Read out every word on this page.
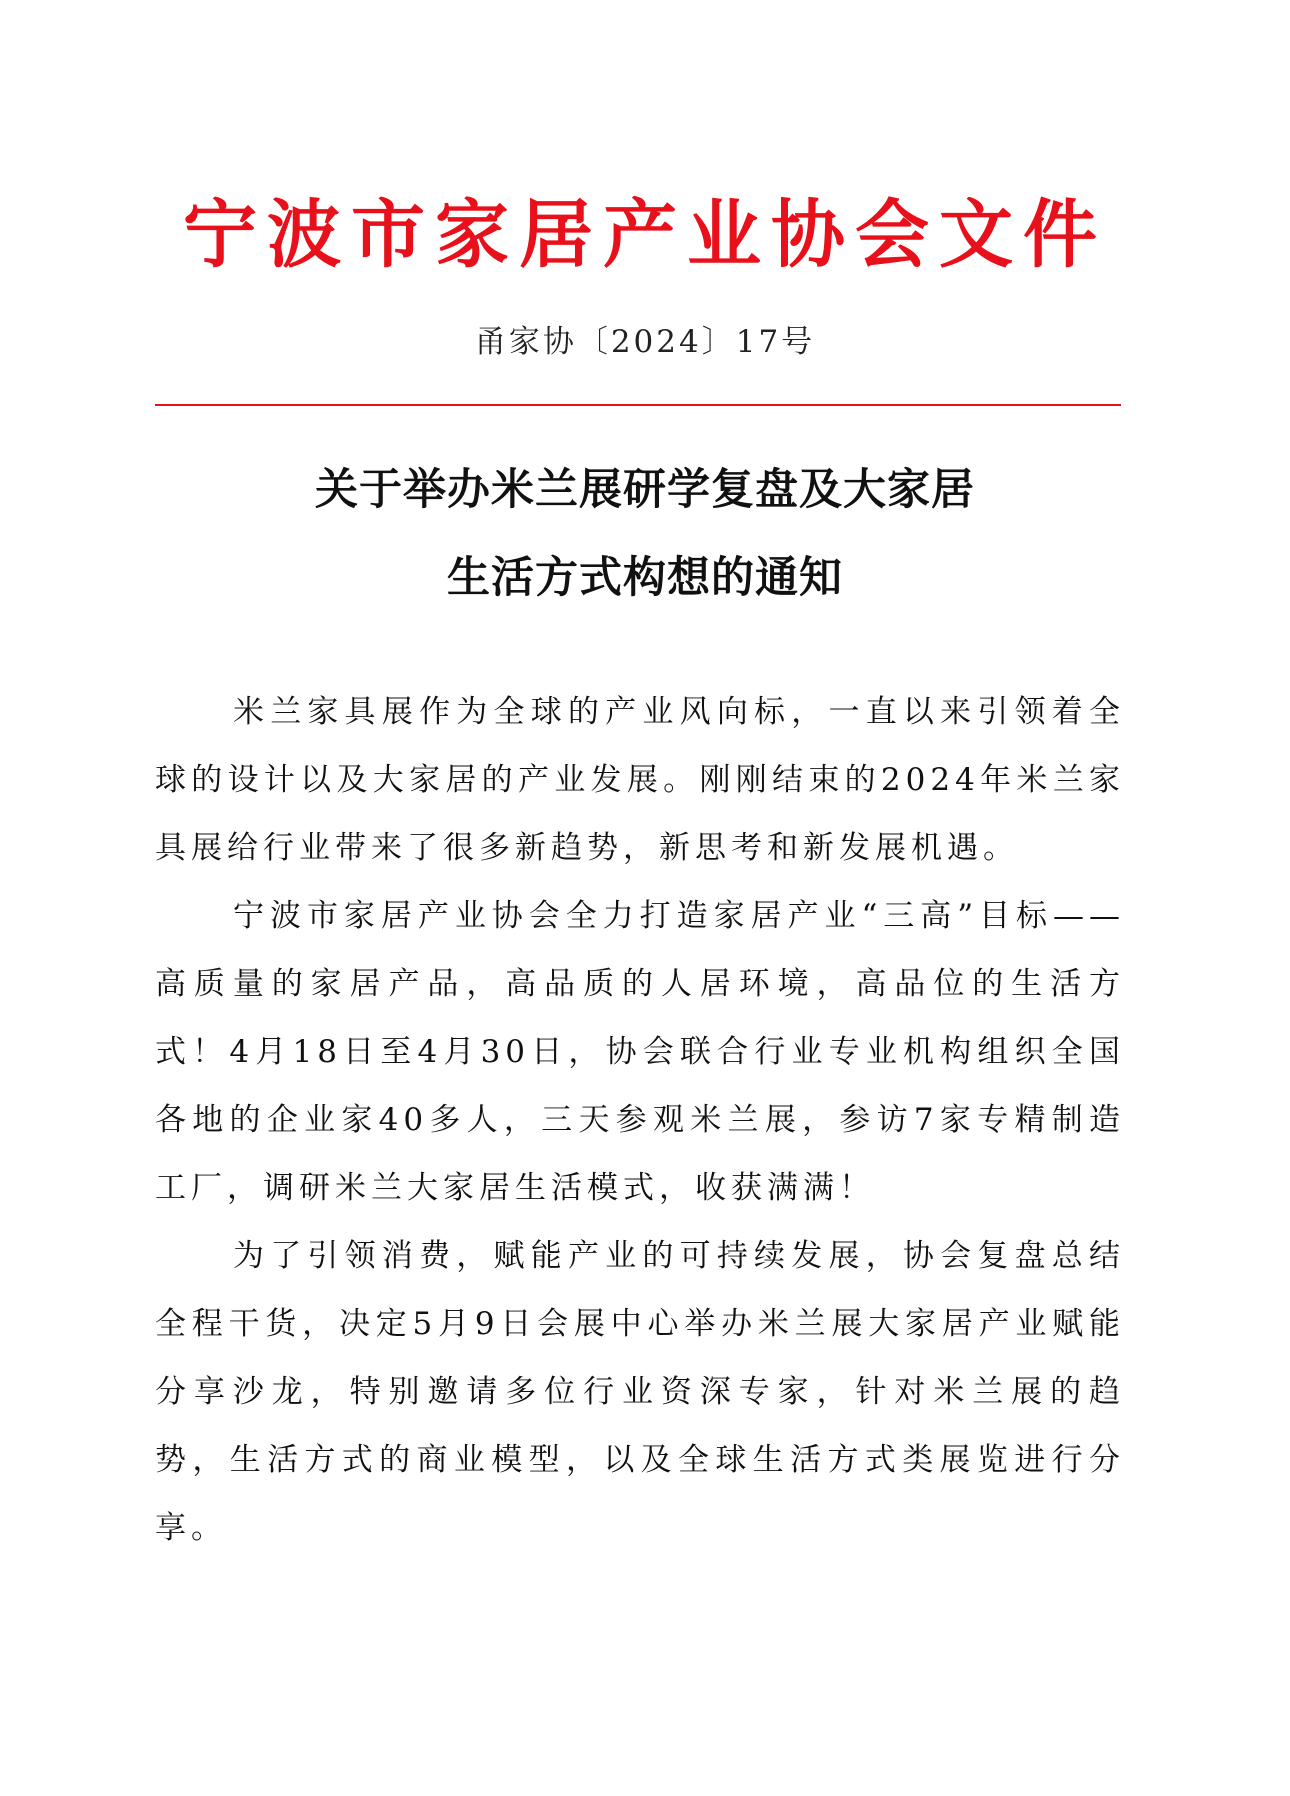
宁波市家居产业协会文件
甬家协〔2024〕17号
关于举办米兰展研学复盘及大家居
生活方式构想的通知

米兰家具展作为全球的产业风向标，一直以来引领着全球的设计以及大家居的产业发展。刚刚结束的2024年米兰家具展给行业带来了很多新趋势，新思考和新发展机遇。

宁波市家居产业协会全力打造家居产业“三高”目标——高质量的家居产品，高品质的人居环境，高品位的生活方式！4月18日至4月30日，协会联合行业专业机构组织全国各地的企业家40多人，三天参观米兰展，参访7家专精制造工厂，调研米兰大家居生活模式，收获满满！

为了引领消费，赋能产业的可持续发展，协会复盘总结全程干货，决定5月9日会展中心举办米兰展大家居产业赋能分享沙龙，特别邀请多位行业资深专家，针对米兰展的趋势，生活方式的商业模型，以及全球生活方式类展览进行分享。
